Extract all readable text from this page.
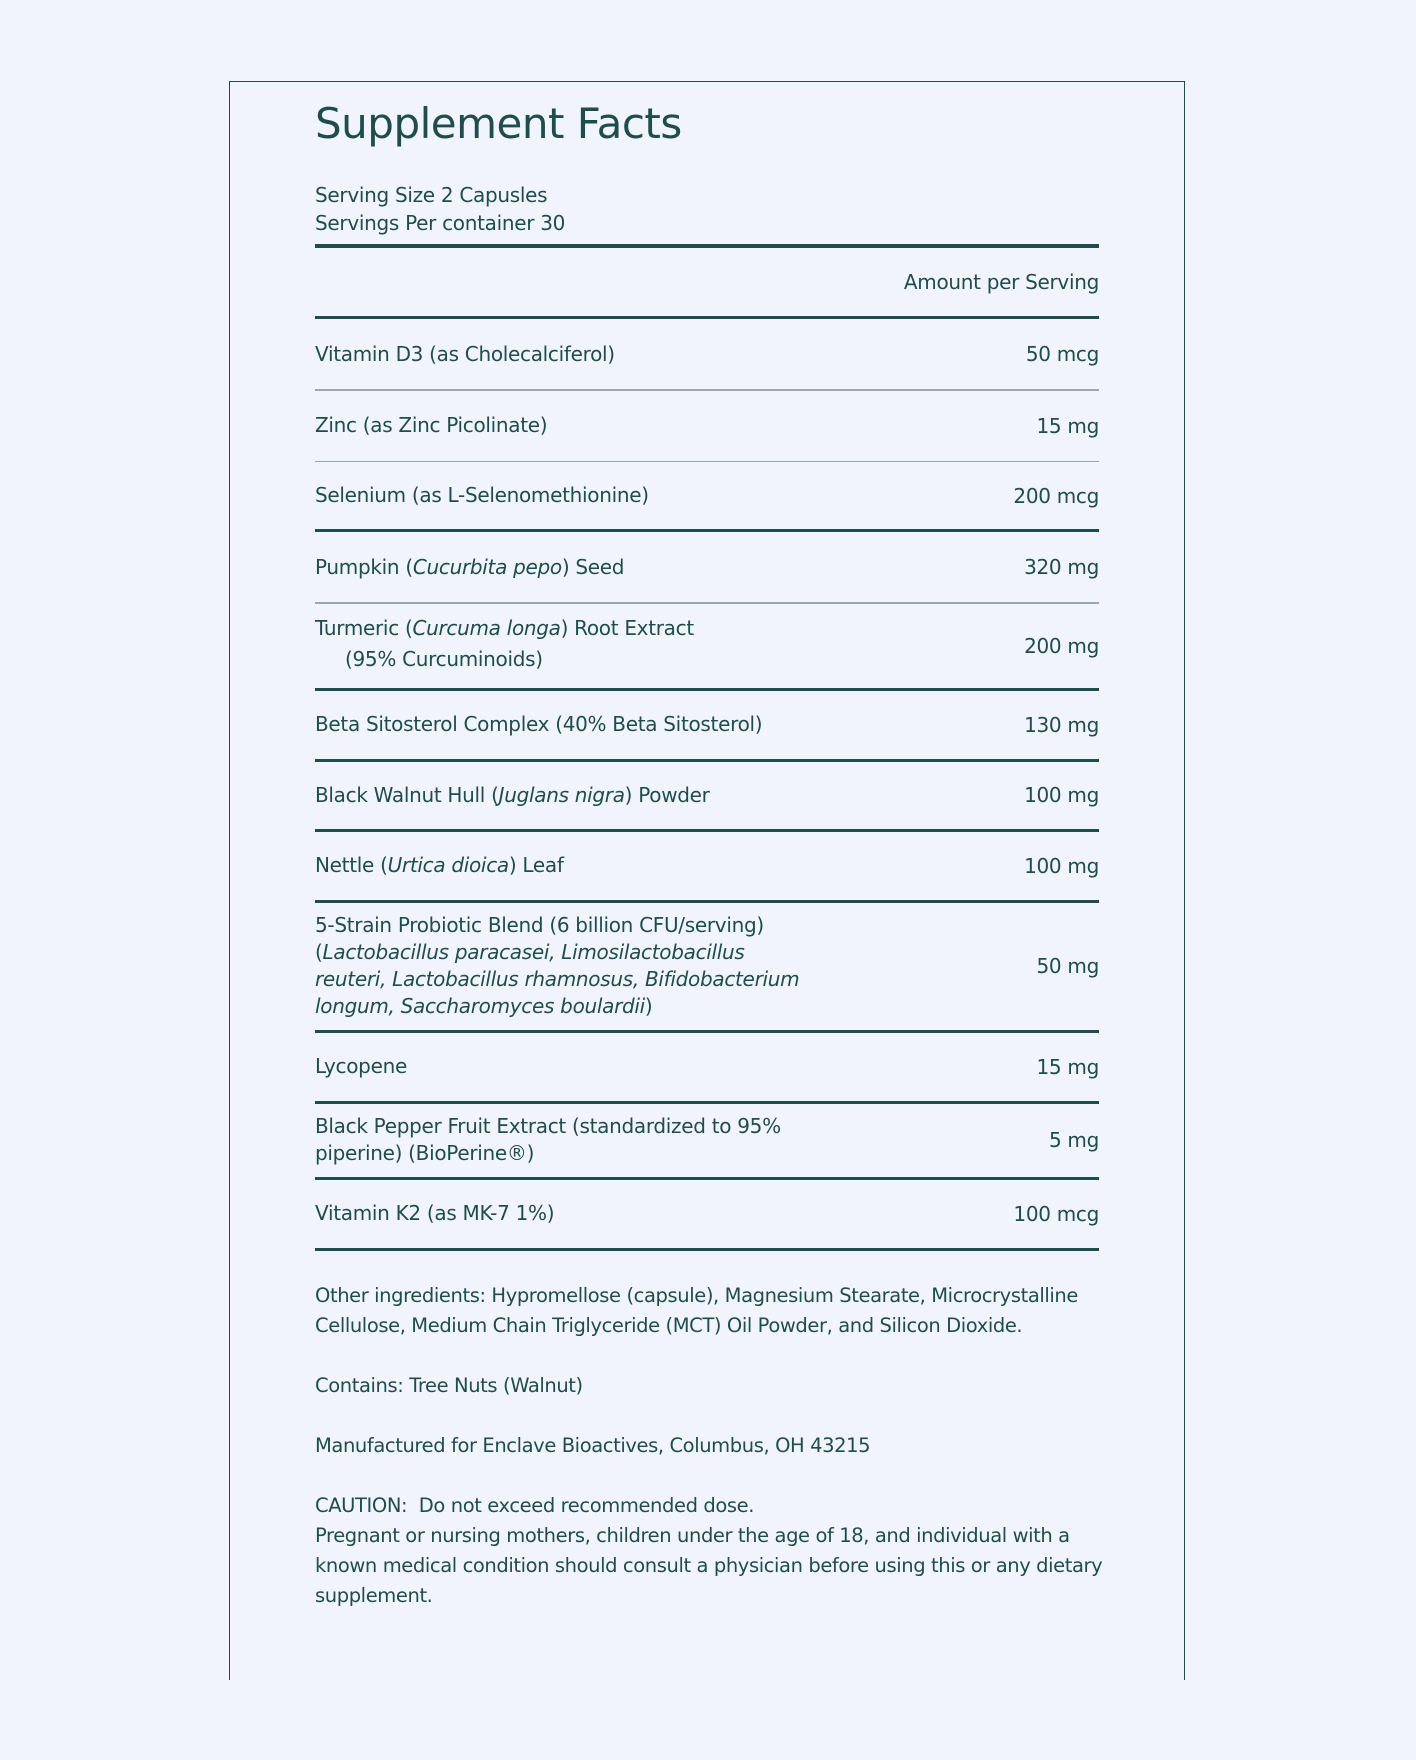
Supplement Facts
Serving Size 2 Capusles
Servings Per container 30
Amount per Serving
Vitamin D3 (as Cholecalciferol)	50 mcg
Zinc (as Zinc Picolinate)	15 mg
Selenium (as L-Selenomethionine)	200 mcg
Pumpkin (Cucurbita pepo) Seed	320 mg
Turmeric (Curcuma longa) Root Extract
(95% Curcuminoids)
200 mg
Beta Sitosterol Complex (40% Beta Sitosterol)	130 mg
Black Walnut Hull (Juglans nigra) Powder	100 mg
Nettle (Urtica dioica) Leaf	100 mg
5-Strain Probiotic Blend (6 billion CFU/serving)
(Lactobacillus paracasei, Limosilactobacillus
reuteri, Lactobacillus rhamnosus, Bifidobacterium
longum, Saccharomyces boulardii)
50 mg
Lycopene	15 mg
Black Pepper Fruit Extract (standardized to 95%
piperine) (BioPerine®)
5 mg
Vitamin K2 (as MK-7 1%)	100 mcg

Other ingredients: Hypromellose (capsule), Magnesium Stearate, Microcrystalline Cellulose, Medium Chain Triglyceride (MCT) Oil Powder, and Silicon Dioxide.

Contains: Tree Nuts (Walnut)

Manufactured for Enclave Bioactives, Columbus, OH 43215

CAUTION:  Do not exceed recommended dose.

Pregnant or nursing mothers, children under the age of 18, and individual with a known medical condition should consult a physician before using this or any dietary supplement.
